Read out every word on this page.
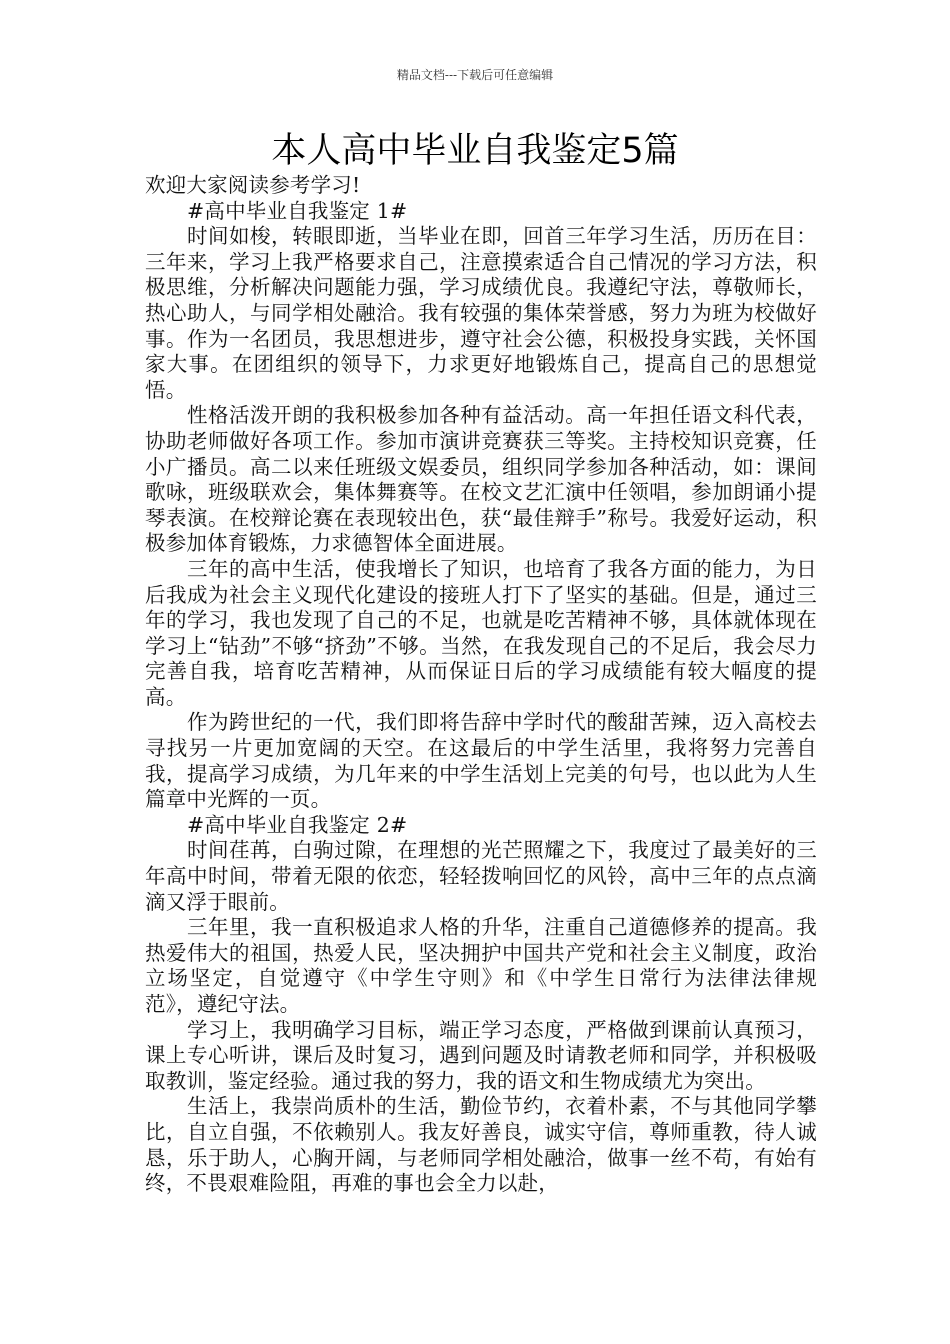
精品文档---下载后可任意编辑
本人高中毕业自我鉴定5篇

欢迎大家阅读参考学习!

#高中毕业自我鉴定 1#

时间如梭，转眼即逝，当毕业在即，回首三年学习生活，历历在目：三年来，学习上我严格要求自己，注意摸索适合自己情况的学习方法，积极思维，分析解决问题能力强，学习成绩优良。我遵纪守法，尊敬师长，热心助人，与同学相处融洽。我有较强的集体荣誉感，努力为班为校做好事。作为一名团员，我思想进步，遵守社会公德，积极投身实践，关怀国家大事。在团组织的领导下，力求更好地锻炼自己，提高自己的思想觉悟。

性格活泼开朗的我积极参加各种有益活动。高一年担任语文科代表，协助老师做好各项工作。参加市演讲竞赛获三等奖。主持校知识竞赛，任小广播员。高二以来任班级文娱委员，组织同学参加各种活动，如：课间歌咏，班级联欢会，集体舞赛等。在校文艺汇演中任领唱，参加朗诵小提琴表演。在校辩论赛在表现较出色，获“最佳辩手”称号。我爱好运动，积极参加体育锻炼，力求德智体全面进展。

三年的高中生活，使我增长了知识，也培育了我各方面的能力，为日后我成为社会主义现代化建设的接班人打下了坚实的基础。但是，通过三年的学习，我也发现了自己的不足，也就是吃苦精神不够，具体就体现在学习上“钻劲”不够“挤劲”不够。当然，在我发现自己的不足后，我会尽力完善自我，培育吃苦精神，从而保证日后的学习成绩能有较大幅度的提高。

作为跨世纪的一代，我们即将告辞中学时代的酸甜苦辣，迈入高校去寻找另一片更加宽阔的天空。在这最后的中学生活里，我将努力完善自我，提高学习成绩，为几年来的中学生活划上完美的句号，也以此为人生篇章中光辉的一页。

#高中毕业自我鉴定 2#

时间荏苒，白驹过隙，在理想的光芒照耀之下，我度过了最美好的三年高中时间，带着无限的依恋，轻轻拨响回忆的风铃，高中三年的点点滴滴又浮于眼前。

三年里，我一直积极追求人格的升华，注重自己道德修养的提高。我热爱伟大的祖国，热爱人民，坚决拥护中国共产党和社会主义制度，政治立场坚定，自觉遵守《中学生守则》和《中学生日常行为法律法律规范》，遵纪守法。

学习上，我明确学习目标，端正学习态度，严格做到课前认真预习，课上专心听讲，课后及时复习，遇到问题及时请教老师和同学，并积极吸取教训，鉴定经验。通过我的努力，我的语文和生物成绩尤为突出。

生活上，我崇尚质朴的生活，勤俭节约，衣着朴素，不与其他同学攀比，自立自强，不依赖别人。我友好善良，诚实守信，尊师重教，待人诚恳，乐于助人，心胸开阔，与老师同学相处融洽，做事一丝不苟，有始有终，不畏艰难险阻，再难的事也会全力以赴，
